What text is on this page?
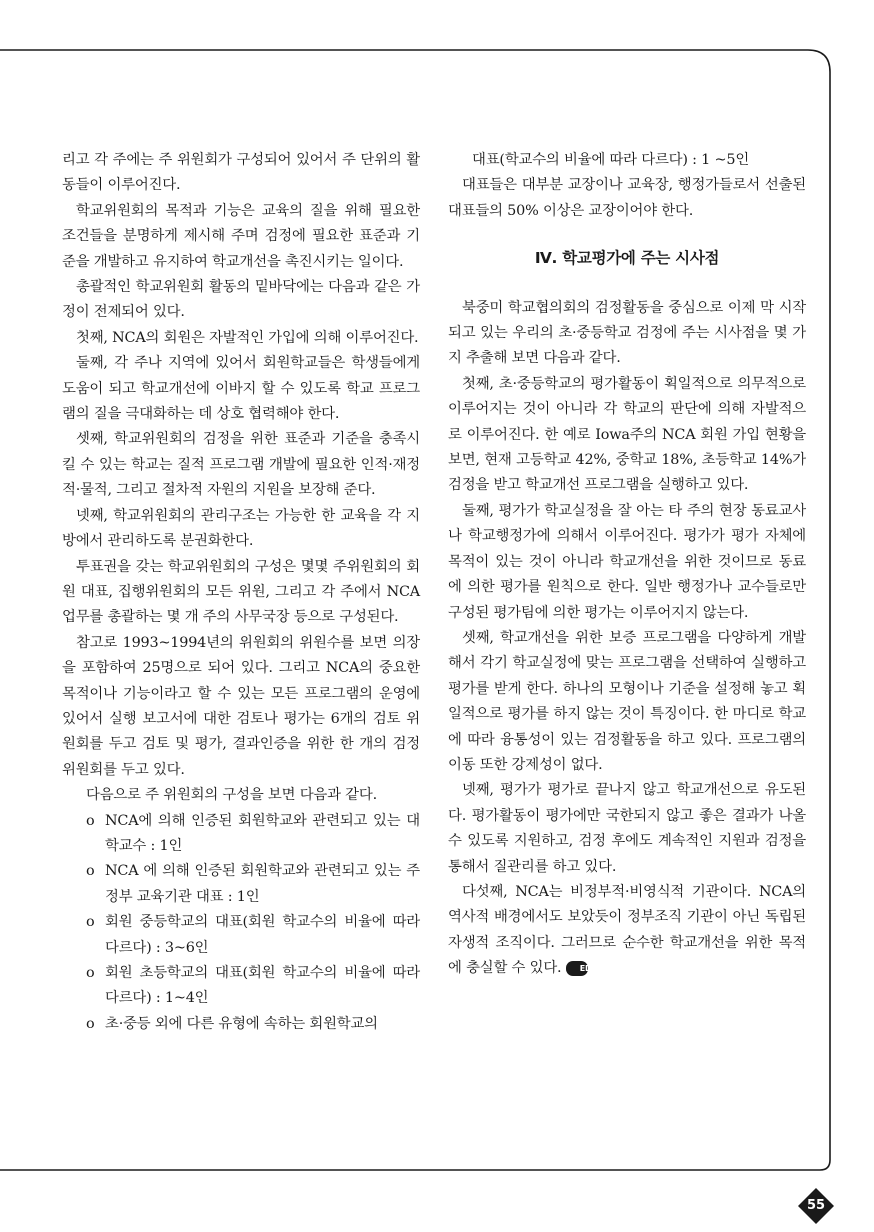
리고 각 주에는 주 위원회가 구성되어 있어서 주 단위의 활동들이 이루어진다.

학교위원회의 목적과 기능은 교육의 질을 위해 필요한 조건들을 분명하게 제시해 주며 검정에 필요한 표준과 기준을 개발하고 유지하여 학교개선을 촉진시키는 일이다.

총괄적인 학교위원회 활동의 밑바닥에는 다음과 같은 가정이 전제되어 있다.

첫째, NCA의 회원은 자발적인 가입에 의해 이루어진다.

둘째, 각 주나 지역에 있어서 회원학교들은 학생들에게 도움이 되고 학교개선에 이바지 할 수 있도록 학교 프로그램의 질을 극대화하는 데 상호 협력해야 한다.

셋째, 학교위원회의 검정을 위한 표준과 기준을 충족시킬 수 있는 학교는 질적 프로그램 개발에 필요한 인적·재정적·물적, 그리고 절차적 자원의 지원을 보장해 준다.

넷째, 학교위원회의 관리구조는 가능한 한 교육을 각 지방에서 관리하도록 분권화한다.

투표권을 갖는 학교위원회의 구성은 몇몇 주위원회의 회원 대표, 집행위원회의 모든 위원, 그리고 각 주에서 NCA 업무를 총괄하는 몇 개 주의 사무국장 등으로 구성된다.

참고로 1993~1994년의 위원회의 위원수를 보면 의장을 포함하여 25명으로 되어 있다. 그리고 NCA의 중요한 목적이나 기능이라고 할 수 있는 모든 프로그램의 운영에 있어서 실행 보고서에 대한 검토나 평가는 6개의 검토 위원회를 두고 검토 및 평가, 결과인증을 위한 한 개의 검정위원회를 두고 있다.

다음으로 주 위원회의 구성을 보면 다음과 같다.

o NCA에 의해 인증된 회원학교와 관련되고 있는 대학교수 : 1인
o NCA 에 의해 인증된 회원학교와 관련되고 있는 주 정부 교육기관 대표 : 1인
o 회원 중등학교의 대표(회원 학교수의 비율에 따라 다르다) : 3~6인
o 회원 초등학교의 대표(회원 학교수의 비율에 따라 다르다) : 1~4인
o 초·중등 외에 다른 유형에 속하는 회원학교의

대표(학교수의 비율에 따라 다르다) : 1 ~5인

대표들은 대부분 교장이나 교육장, 행정가들로서 선출된 대표들의 50% 이상은 교장이어야 한다.

Ⅳ. 학교평가에 주는 시사점

북중미 학교협의회의 검정활동을 중심으로 이제 막 시작되고 있는 우리의 초·중등학교 검정에 주는 시사점을 몇 가지 추출해 보면 다음과 같다.

첫째, 초·중등학교의 평가활동이 획일적으로 의무적으로 이루어지는 것이 아니라 각 학교의 판단에 의해 자발적으로 이루어진다. 한 예로 Iowa주의 NCA 회원 가입 현황을 보면, 현재 고등학교 42%, 중학교 18%, 초등학교 14%가 검정을 받고 학교개선 프로그램을 실행하고 있다.

둘째, 평가가 학교실정을 잘 아는 타 주의 현장 동료교사나 학교행정가에 의해서 이루어진다. 평가가 평가 자체에 목적이 있는 것이 아니라 학교개선을 위한 것이므로 동료에 의한 평가를 원칙으로 한다. 일반 행정가나 교수들로만 구성된 평가팀에 의한 평가는 이루어지지 않는다.

셋째, 학교개선을 위한 보증 프로그램을 다양하게 개발해서 각기 학교실정에 맞는 프로그램을 선택하여 실행하고 평가를 받게 한다. 하나의 모형이나 기준을 설정해 놓고 획일적으로 평가를 하지 않는 것이 특징이다. 한 마디로 학교에 따라 융통성이 있는 검정활동을 하고 있다. 프로그램의 이동 또한 강제성이 없다.

넷째, 평가가 평가로 끝나지 않고 학교개선으로 유도된다. 평가활동이 평가에만 국한되지 않고 좋은 결과가 나올 수 있도록 지원하고, 검정 후에도 계속적인 지원과 검정을 통해서 질관리를 하고 있다.

다섯째, NCA는 비정부적·비영식적 기관이다. NCA의 역사적 배경에서도 보았듯이 정부조직 기관이 아닌 독립된 자생적 조직이다. 그러므로 순수한 학교개선을 위한 목적에 충실할 수 있다. EDI

55
